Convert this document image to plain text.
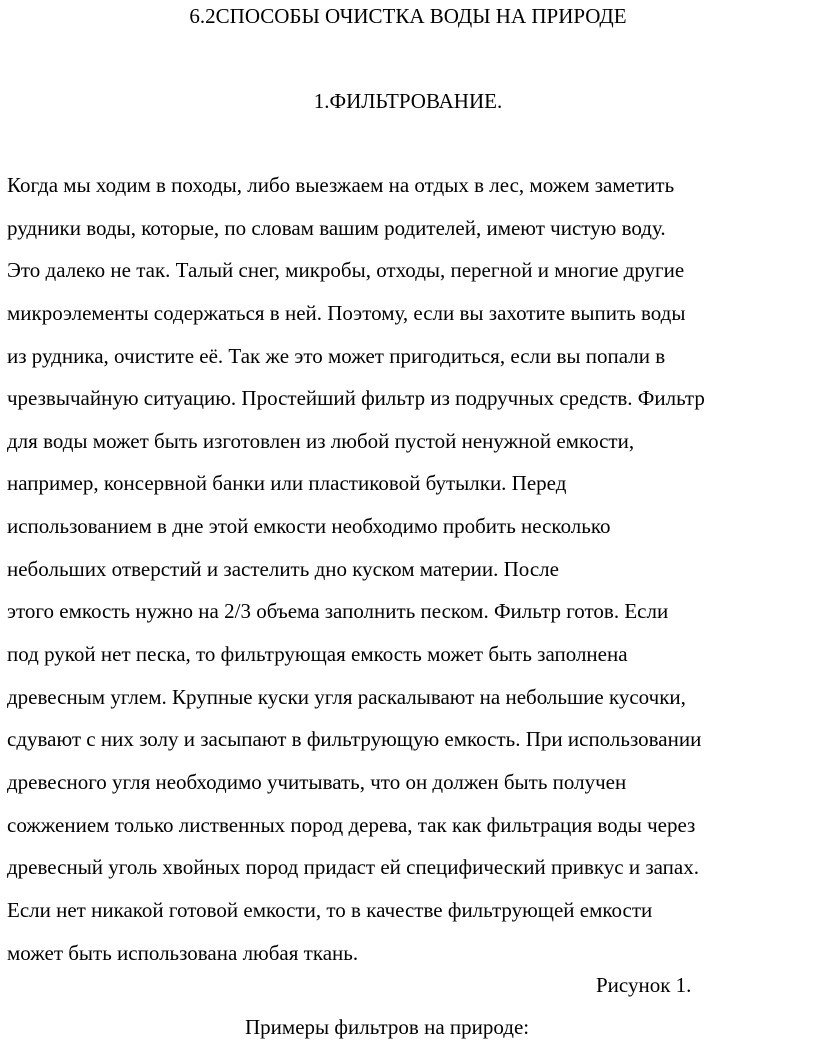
6.2СПОСОБЫ ОЧИСТКА ВОДЫ НА ПРИРОДЕ
1.ФИЛЬТРОВАНИЕ.
Когда мы ходим в походы, либо выезжаем на отдых в лес, можем заметить
рудники воды, которые, по словам вашим родителей, имеют чистую воду.
Это далеко не так. Талый снег, микробы, отходы, перегной и многие другие
микроэлементы содержаться в ней. Поэтому, если вы захотите выпить воды
из рудника, очистите её. Так же это может пригодиться, если вы попали в
чрезвычайную ситуацию. Простейший фильтр из подручных средств. Фильтр
для воды может быть изготовлен из любой пустой ненужной емкости,
например, консервной банки или пластиковой бутылки. Перед
использованием в дне этой емкости необходимо пробить несколько
небольших отверстий и застелить дно куском материи. После
этого емкость нужно на 2/3 объема заполнить песком. Фильтр готов. Если
под рукой нет песка, то фильтрующая емкость может быть заполнена
древесным углем. Крупные куски угля раскалывают на небольшие кусочки,
сдувают с них золу и засыпают в фильтрующую емкость. При использовании
древесного угля необходимо учитывать, что он должен быть получен
сожжением только лиственных пород дерева, так как фильтрация воды через
древесный уголь хвойных пород придаст ей специфический привкус и запах.
Если нет никакой готовой емкости, то в качестве фильтрующей емкости
может быть использована любая ткань.
Рисунок 1.
Примеры фильтров на природе:
